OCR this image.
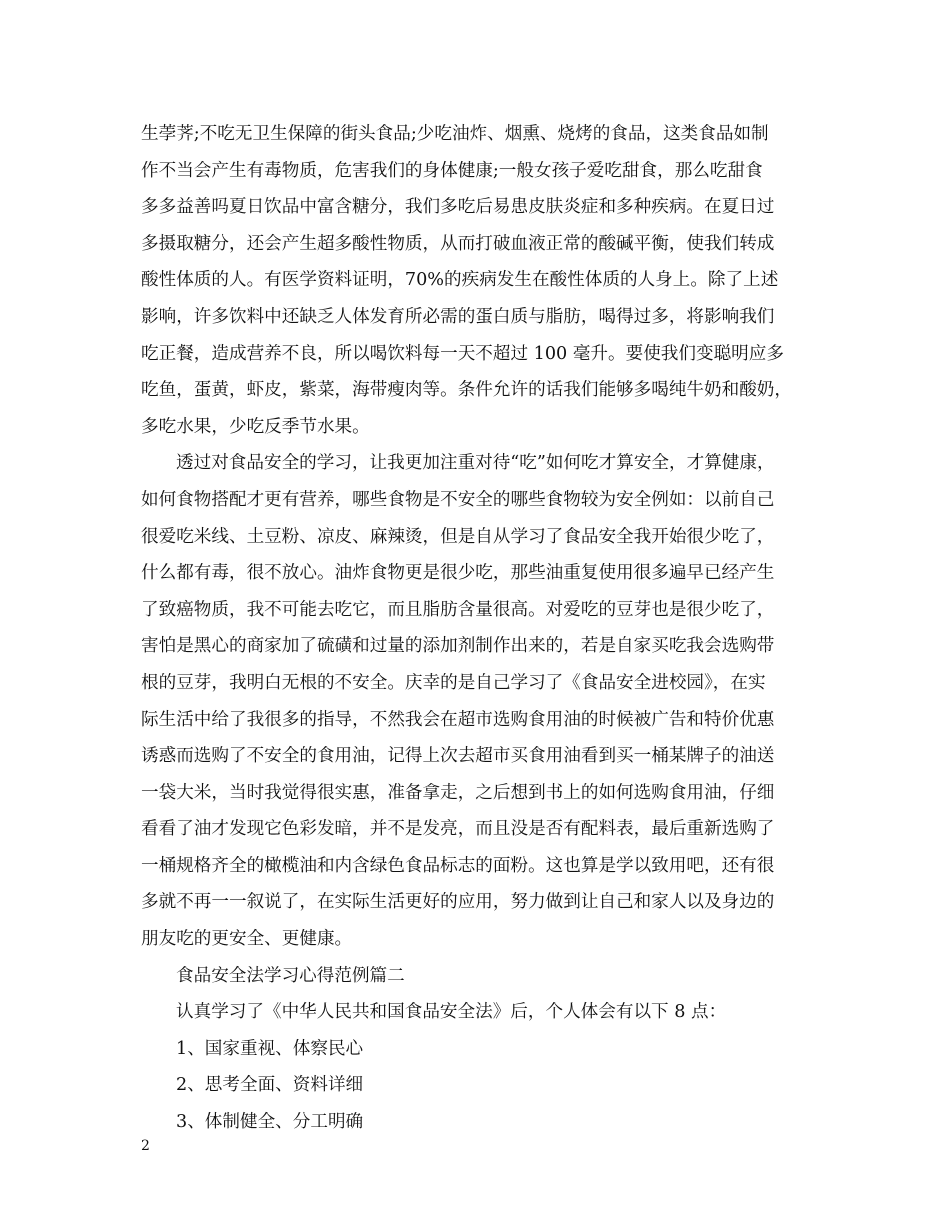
生荸荠;不吃无卫生保障的街头食品;少吃油炸、烟熏、烧烤的食品，这类食品如制
作不当会产生有毒物质，危害我们的身体健康;一般女孩子爱吃甜食，那么吃甜食
多多益善吗夏日饮品中富含糖分，我们多吃后易患皮肤炎症和多种疾病。在夏日过
多摄取糖分，还会产生超多酸性物质，从而打破血液正常的酸碱平衡，使我们转成
酸性体质的人。有医学资料证明，70%的疾病发生在酸性体质的人身上。除了上述
影响，许多饮料中还缺乏人体发育所必需的蛋白质与脂肪，喝得过多，将影响我们
吃正餐，造成营养不良，所以喝饮料每一天不超过 100 毫升。要使我们变聪明应多
吃鱼，蛋黄，虾皮，紫菜，海带瘦肉等。条件允许的话我们能够多喝纯牛奶和酸奶，
多吃水果，少吃反季节水果。
透过对食品安全的学习，让我更加注重对待“吃”如何吃才算安全，才算健康，
如何食物搭配才更有营养，哪些食物是不安全的哪些食物较为安全例如：以前自己
很爱吃米线、土豆粉、凉皮、麻辣烫，但是自从学习了食品安全我开始很少吃了，
什么都有毒，很不放心。油炸食物更是很少吃，那些油重复使用很多遍早已经产生
了致癌物质，我不可能去吃它，而且脂肪含量很高。对爱吃的豆芽也是很少吃了，
害怕是黑心的商家加了硫磺和过量的添加剂制作出来的，若是自家买吃我会选购带
根的豆芽，我明白无根的不安全。庆幸的是自己学习了《食品安全进校园》，在实
际生活中给了我很多的指导，不然我会在超市选购食用油的时候被广告和特价优惠
诱惑而选购了不安全的食用油，记得上次去超市买食用油看到买一桶某牌子的油送
一袋大米，当时我觉得很实惠，准备拿走，之后想到书上的如何选购食用油，仔细
看看了油才发现它色彩发暗，并不是发亮，而且没是否有配料表，最后重新选购了
一桶规格齐全的橄榄油和内含绿色食品标志的面粉。这也算是学以致用吧，还有很
多就不再一一叙说了，在实际生活更好的应用，努力做到让自己和家人以及身边的
朋友吃的更安全、更健康。
食品安全法学习心得范例篇二
认真学习了《中华人民共和国食品安全法》后，个人体会有以下 8 点：
1、国家重视、体察民心
2、思考全面、资料详细
3、体制健全、分工明确
2
